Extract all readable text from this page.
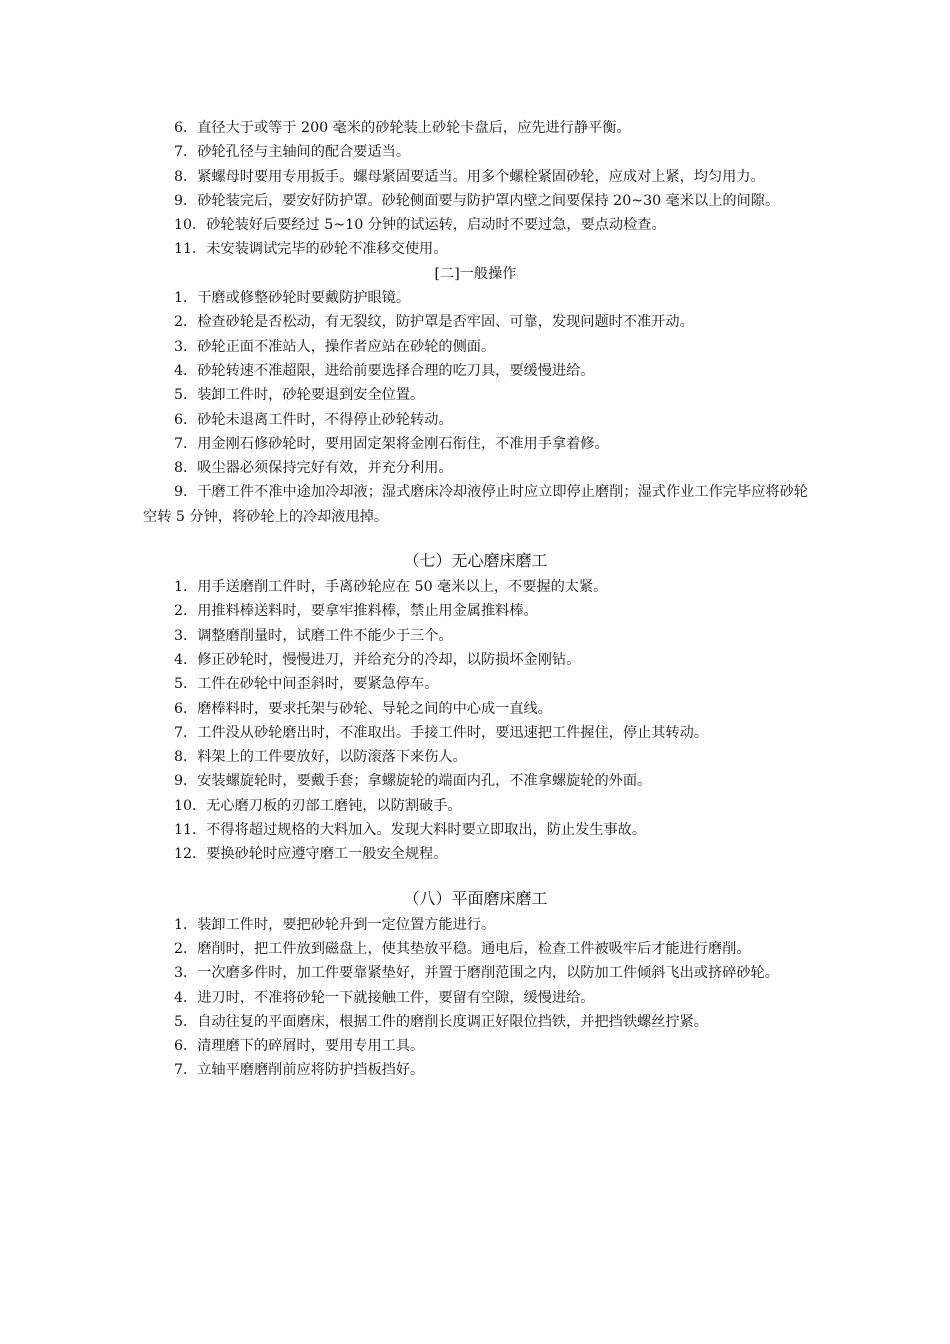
6．直径大于或等于 200 毫米的砂轮装上砂轮卡盘后，应先进行静平衡。
7．砂轮孔径与主轴间的配合要适当。
8．紧螺母时要用专用扳手。螺母紧固要适当。用多个螺栓紧固砂轮，应成对上紧，均匀用力。
9．砂轮装完后，要安好防护罩。砂轮侧面要与防护罩内壁之间要保持 20~30 毫米以上的间隙。
10．砂轮装好后要经过 5~10 分钟的试运转，启动时不要过急，要点动检查。
11．未安装调试完毕的砂轮不准移交使用。
[二]一般操作
1．干磨或修整砂轮时要戴防护眼镜。
2．检查砂轮是否松动，有无裂纹，防护罩是否牢固、可靠，发现问题时不准开动。
3．砂轮正面不准站人，操作者应站在砂轮的侧面。
4．砂轮转速不准超限，进给前要选择合理的吃刀具，要缓慢进给。
5．装卸工件时，砂轮要退到安全位置。
6．砂轮未退离工件时，不得停止砂轮转动。
7．用金刚石修砂轮时，要用固定架将金刚石衔住，不准用手拿着修。
8．吸尘器必须保持完好有效，并充分利用。
9．干磨工件不准中途加冷却液；湿式磨床冷却液停止时应立即停止磨削；湿式作业工作完毕应将砂轮空转 5 分钟，将砂轮上的冷却液甩掉。
（七）无心磨床磨工
1．用手送磨削工件时，手离砂轮应在 50 毫米以上，不要握的太紧。
2．用推料棒送料时，要拿牢推料棒，禁止用金属推料棒。
3．调整磨削量时，试磨工件不能少于三个。
4．修正砂轮时，慢慢进刀，并给充分的冷却，以防损坏金刚钻。
5．工件在砂轮中间歪斜时，要紧急停车。
6．磨棒料时，要求托架与砂轮、导轮之间的中心成一直线。
7．工件没从砂轮磨出时，不准取出。手接工件时，要迅速把工件握住，停止其转动。
8．料架上的工件要放好，以防滚落下来伤人。
9．安装螺旋轮时，要戴手套；拿螺旋轮的端面内孔，不准拿螺旋轮的外面。
10．无心磨刀板的刃部工磨钝，以防割破手。
11．不得将超过规格的大料加入。发现大料时要立即取出，防止发生事故。
12．要换砂轮时应遵守磨工一般安全规程。
（八）平面磨床磨工
1．装卸工件时，要把砂轮升到一定位置方能进行。
2．磨削时，把工件放到磁盘上，使其垫放平稳。通电后，检查工件被吸牢后才能进行磨削。
3．一次磨多件时，加工件要靠紧垫好，并置于磨削范围之内，以防加工件倾斜飞出或挤碎砂轮。
4．进刀时，不准将砂轮一下就接触工件，要留有空隙，缓慢进给。
5．自动往复的平面磨床，根据工件的磨削长度调正好限位挡铁，并把挡铁螺丝拧紧。
6．清理磨下的碎屑时，要用专用工具。
7．立轴平磨磨削前应将防护挡板挡好。
